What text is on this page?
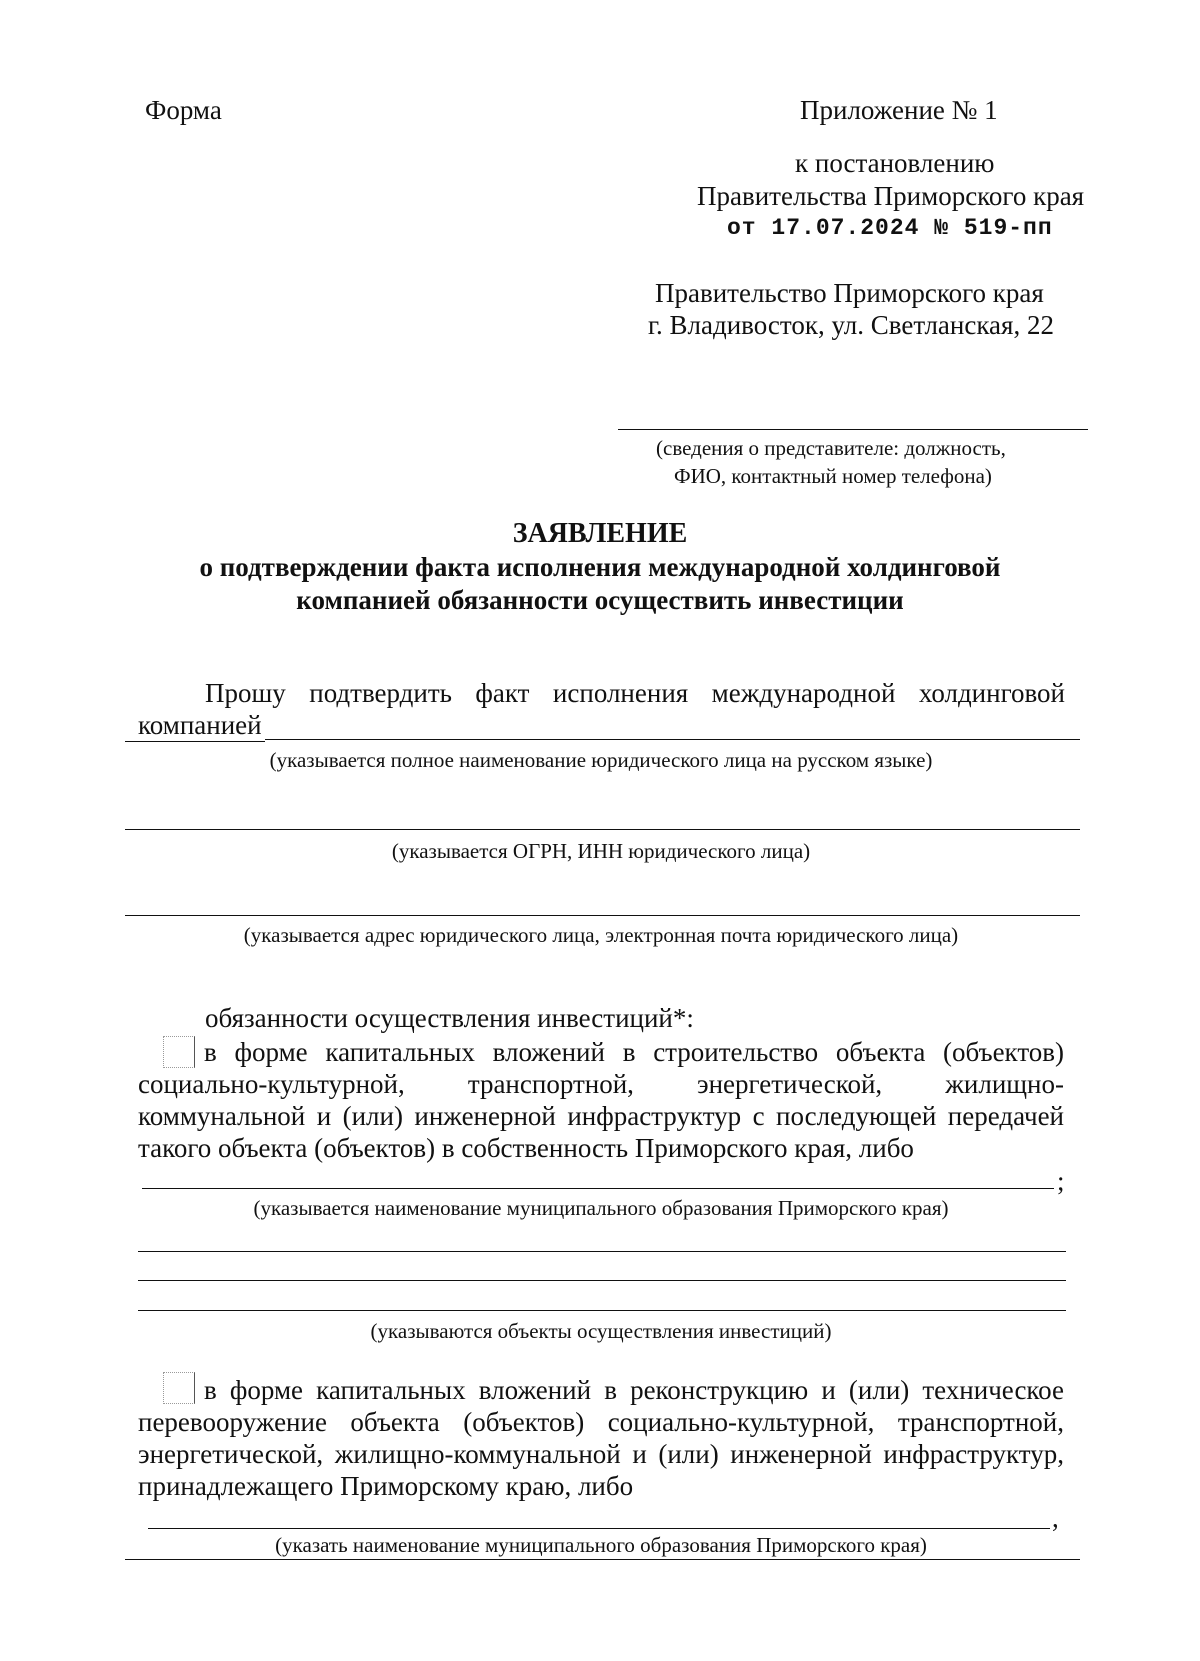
Форма	Приложение № 1
к постановлению
Правительства Приморского края
от 17.07.2024 № 519-пп
Правительство Приморского края
г. Владивосток, ул. Светланская, 22
(сведения о представителе: должность,
ФИО, контактный номер телефона)
ЗАЯВЛЕНИЕ
о подтверждении факта исполнения международной холдинговой
компанией обязанности осуществить инвестиции
Прошу подтвердить факт исполнения международной холдинговой
компанией
(указывается полное наименование юридического лица на русском языке)
(указывается ОГРН, ИНН юридического лица)
(указывается адрес юридического лица, электронная почта юридического лица)
обязанности осуществления инвестиций*:
в форме капитальных вложений в строительство объекта (объектов)
социально-культурной, транспортной, энергетической, жилищно-
коммунальной и (или) инженерной инфраструктур с последующей передачей
такого объекта (объектов) в собственность Приморского края, либо
;
(указывается наименование муниципального образования Приморского края)
(указываются объекты осуществления инвестиций)
в форме капитальных вложений в реконструкцию и (или) техническое
перевооружение объекта (объектов) социально-культурной, транспортной,
энергетической, жилищно-коммунальной и (или) инженерной инфраструктур,
принадлежащего Приморскому краю, либо
,
(указать наименование муниципального образования Приморского края)
